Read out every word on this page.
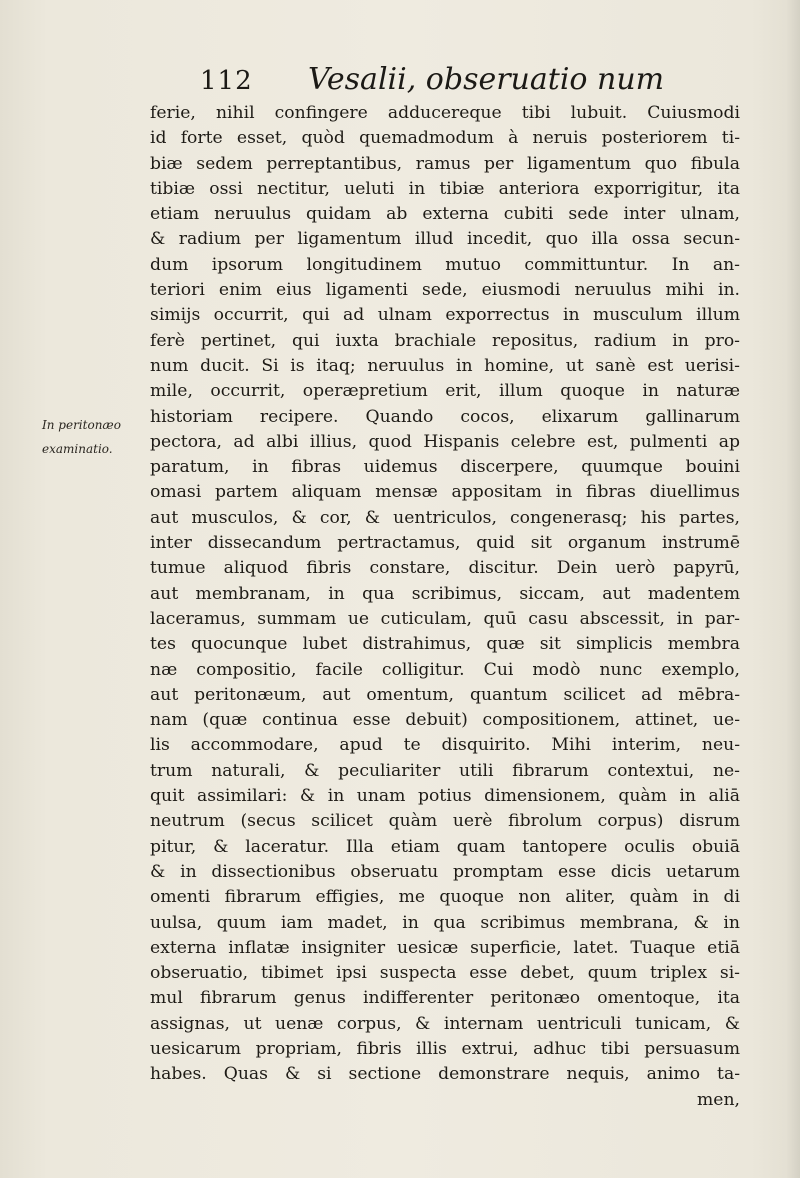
112 Vesalii, obseruatio num
In peritonæo
examinatio.
ferie, nihil confingere adducereque tibi lubuit. Cuiusmodi
id forte esset, quòd quemadmodum à neruis posteriorem ti-
biæ sedem perreptantibus, ramus per ligamentum quo fibula
tibiæ ossi nectitur, ueluti in tibiæ anteriora exporrigitur, ita
etiam neruulus quidam ab externa cubiti sede inter ulnam,
& radium per ligamentum illud incedit, quo illa ossa secun-
dum ipsorum longitudinem mutuo committuntur. In an-
teriori enim eius ligamenti sede, eiusmodi neruulus mihi in.
simijs occurrit, qui ad ulnam exporrectus in musculum illum
ferè pertinet, qui iuxta brachiale repositus, radium in pro-
num ducit. Si is itaq; neruulus in homine, ut sanè est uerisi-
mile, occurrit, operæpretium erit, illum quoque in naturæ
historiam recipere. Quando cocos, elixarum gallinarum
pectora, ad albi illius, quod Hispanis celebre est, pulmenti ap
paratum, in fibras uidemus discerpere, quumque bouini
omasi partem aliquam mensæ appositam in fibras diuellimus
aut musculos, & cor, & uentriculos, congenerasq; his partes,
inter dissecandum pertractamus, quid sit organum instrumē
tumue aliquod fibris constare, discitur. Dein uerò papyrū,
aut membranam, in qua scribimus, siccam, aut madentem
laceramus, summam ue cuticulam, quū casu abscessit, in par-
tes quocunque lubet distrahimus, quæ sit simplicis membra
næ compositio, facile colligitur. Cui modò nunc exemplo,
aut peritonæum, aut omentum, quantum scilicet ad mēbra-
nam (quæ continua esse debuit) compositionem, attinet, ue-
lis accommodare, apud te disquirito. Mihi interim, neu-
trum naturali, & peculiariter utili fibrarum contextui, ne-
quit assimilari: & in unam potius dimensionem, quàm in aliā
neutrum (secus scilicet quàm uerè fibrolum corpus) disrum
pitur, & laceratur. Illa etiam quam tantopere oculis obuiā
& in dissectionibus obseruatu promptam esse dicis uetarum
omenti fibrarum effigies, me quoque non aliter, quàm in di
uulsa, quum iam madet, in qua scribimus membrana, & in
externa inflatæ insigniter uesicæ superficie, latet. Tuaque etiā
obseruatio, tibimet ipsi suspecta esse debet, quum triplex si-
mul fibrarum genus indifferenter peritonæo omentoque, ita
assignas, ut uenæ corpus, & internam uentriculi tunicam, &
uesicarum propriam, fibris illis extrui, adhuc tibi persuasum
habes. Quas & si sectione demonstrare nequis, animo ta-
men,
